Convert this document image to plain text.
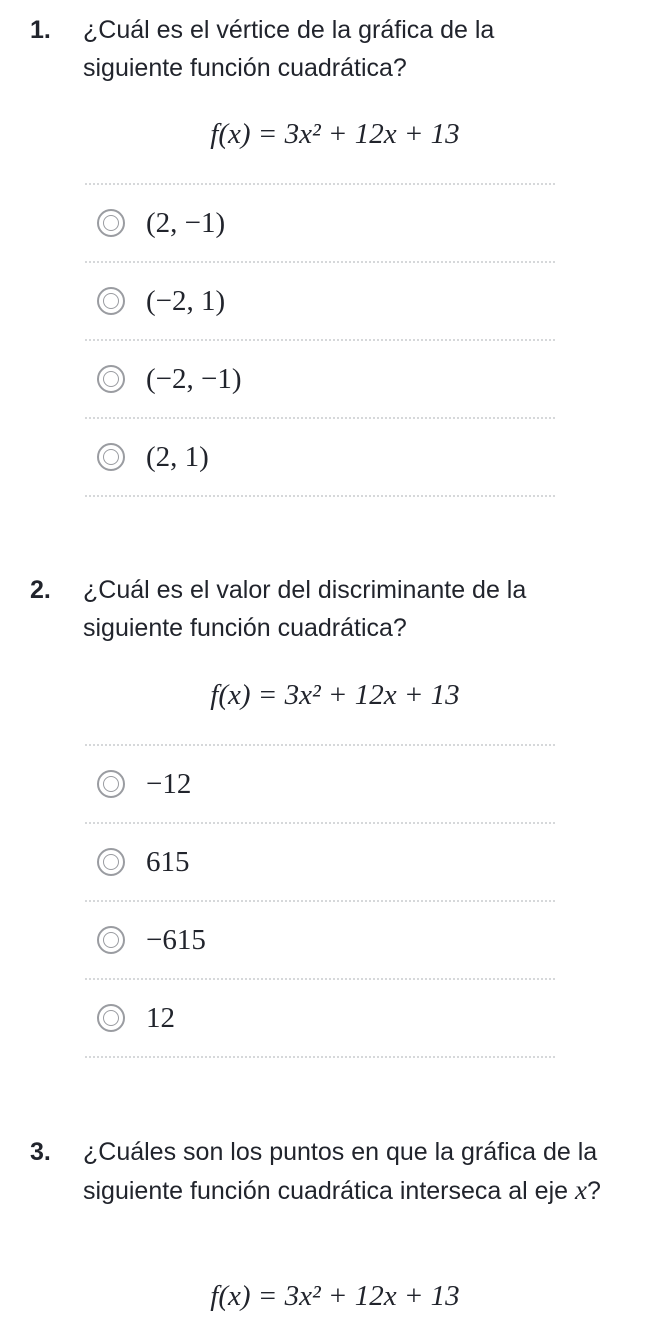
1. ¿Cuál es el vértice de la gráfica de la siguiente función cuadrática?
f(x) = 3x² + 12x + 13
(2, −1)
(−2, 1)
(−2, −1)
(2, 1)
2. ¿Cuál es el valor del discriminante de la siguiente función cuadrática?
f(x) = 3x² + 12x + 13
−12
615
−615
12
3. ¿Cuáles son los puntos en que la gráfica de la siguiente función cuadrática interseca al eje x?
f(x) = 3x² + 12x + 13
